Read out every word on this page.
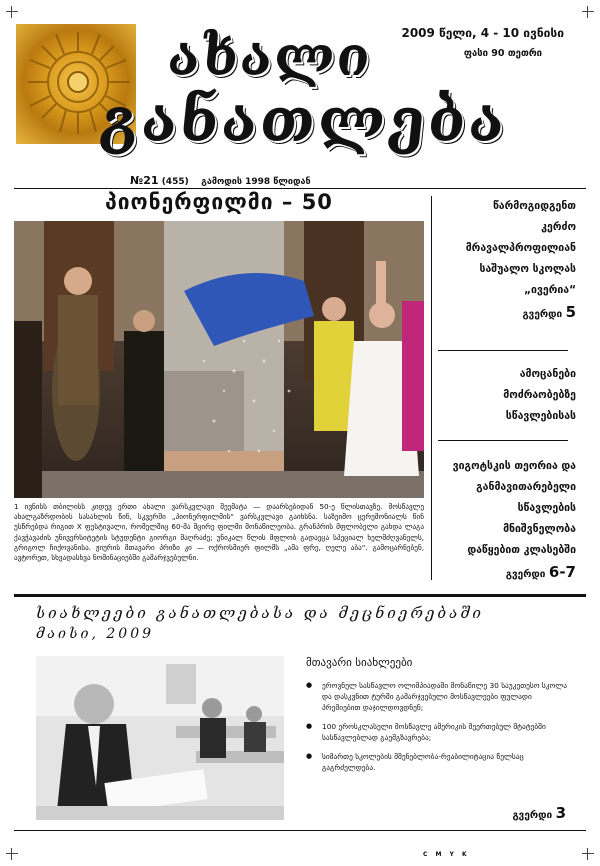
ახალი
განათლება
2009 წელი, 4 - 10 ივნისი
ფასი 90 თეთრი
№21 (455) გამოდის 1998 წლიდან
პიონერფილმი – 50
1 ივნისს თბილისს კიდევ ერთი ახალი ვარსკვლავი შეემატა — დაარსებიდან 50-ე წლისთავზე. მოსწავლე ახალგაზრდობის სასახლის წინ, სკვერში „პიონერფილმის“ ვარსკვლავი გაიხსნა. საზეიმო ცერემონიალს წინ უსწრებდა რიგით X ფესტივალი, რომელშიც 60-მა მცირე ფილმი მონაწილეობა. გრანპრის მფლობელი გახდა ლაგა ქავჭავაძის უნივერსიტეტის სტუდენტი გიორგი მაღრაძე; უნიკალ წლის მფლობ გადაეცა სპეციალ ხელმძღვანელს, გრიგოლ ჩიქოვანისა. ჟიურის მთავარი პრიზი კი — ოქროსმიერ ფილმს „ამა ფრე, ღელე აბა“. გამოცარნებენ, ავტორეთ, სხვადასხვა ნომინაციებში გამარჯვებულნი.
წარმოგიდგენთ
კერძო
მრავალპროფილიან
საშუალო სკოლას
„ივერია“
გვერდი 5
ამოცანები
მოძრაობებზე
სწავლებისას
ვიგოტსკის თეორია და
განმავითარებელი
სწავლების
მნიშვნელობა
დაწყებით კლასებში
გვერდი 6-7
სიახლეები განათლებასა და მეცნიერებაში
მაისი, 2009
მთავარი სიახლეები
● ეროვნულ სასწავლო ოლიმპიადაში მონაწილე 30 საუკეთესო სკოლა და დასკვნით ტურში გამარჯვებული მოსწავლეები ფულადი პრემიებით დაჯილდოვდნენ;
● 100 ეროსკლასელი მოსწავლე ამერიკის შეერთებულ შტატებში სასწავლებლად გაემგზავრება;
● სიმართე სკოლების მშენებლობა-რეაბილიტაცია წელსაც გაგრძელდება.
გვერდი 3
C M Y K
